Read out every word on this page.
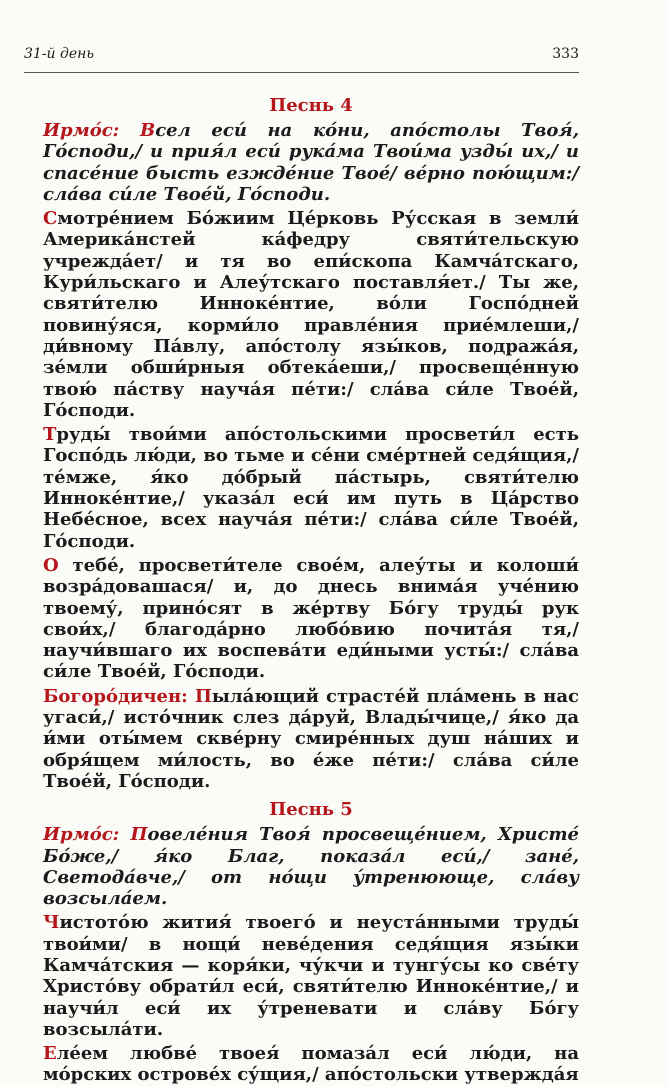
31-й день	333
Песнь 4

Ирмо́с: Всел еси́ на ко́ни, апо́столы Твоя́, Го́споди,/ и прия́л еси́ рука́ма Твои́ма узды́ их,/ и спасе́ние бысть езжде́ние Твое́/ ве́рно пою́щим:/ сла́ва си́ле Твое́й, Го́споди.

Смотре́нием Бо́жиим Це́рковь Ру́сская в земли́ Америка́нстей ка́федру святи́тельскую учрежда́ет/ и тя во епи́скопа Камча́тскаго, Кури́льскаго и Алеу́тскаго поставля́ет./ Ты же, святи́телю Иннoке́нтие, во́ли Госпо́дней повину́яся, корми́ло правле́ния прие́млеши,/ ди́вному Па́влу, апо́столу язы́ков, подража́я, зе́мли обши́рныя обтека́еши,/ просвеще́нную твою́ па́ству науча́я пе́ти:/ сла́ва си́ле Твое́й, Го́споди.

Труды́ твои́ми апо́стольскими просвети́л есть Госпо́дь лю́ди, во тьме и се́ни сме́ртней седя́щия,/ те́мже, я́ко до́брый па́стырь, святи́телю Иннoке́нтие,/ указа́л еси́ им путь в Ца́рство Небе́сное, всех науча́я пе́ти:/ сла́ва си́ле Твое́й, Го́споди.

О тебе́, просвети́теле свое́м, алеу́ты и колоши́ возра́довашася/ и, до днесь внима́я уче́нию твоему́, прино́сят в же́ртву Бо́гу труды́ рук свои́х,/ благода́рно любо́вию почита́я тя,/ научи́вшаго их воспева́ти еди́ными усты́:/ сла́ва си́ле Твое́й, Го́споди.

Богоро́дичен: Пыла́ющий страсте́й пла́мень в нас угаси́,/ исто́чник слез да́руй, Влады́чице,/ я́ко да и́ми оты́мем скве́рну смире́нных душ на́ших и обря́щем ми́лость, во е́же пе́ти:/ сла́ва си́ле Твое́й, Го́споди.

Песнь 5

Ирмо́с: Повеле́ния Твоя́ просвеще́нием, Христе́ Бо́же,/ я́ко Благ, показа́л еси́,/ зане́, Светода́вче,/ от но́щи у́тренюющe, сла́ву возсыла́ем.

Чистото́ю жития́ твоего́ и неуста́нными труды́ твои́ми/ в нощи́ неве́дения седя́щия язы́ки Камча́тския — коря́ки, чу́кчи и тунгу́сы ко све́ту Христо́ву обрати́л еси́, святи́телю Иннoке́нтие,/ и научи́л еси́ их у́треневати и сла́ву Бо́гу возсыла́ти.

Еле́ем любве́ твоея́ помаза́л еси́ лю́ди, на мо́рских острове́х су́щия,/ апо́стольски утвержда́я
